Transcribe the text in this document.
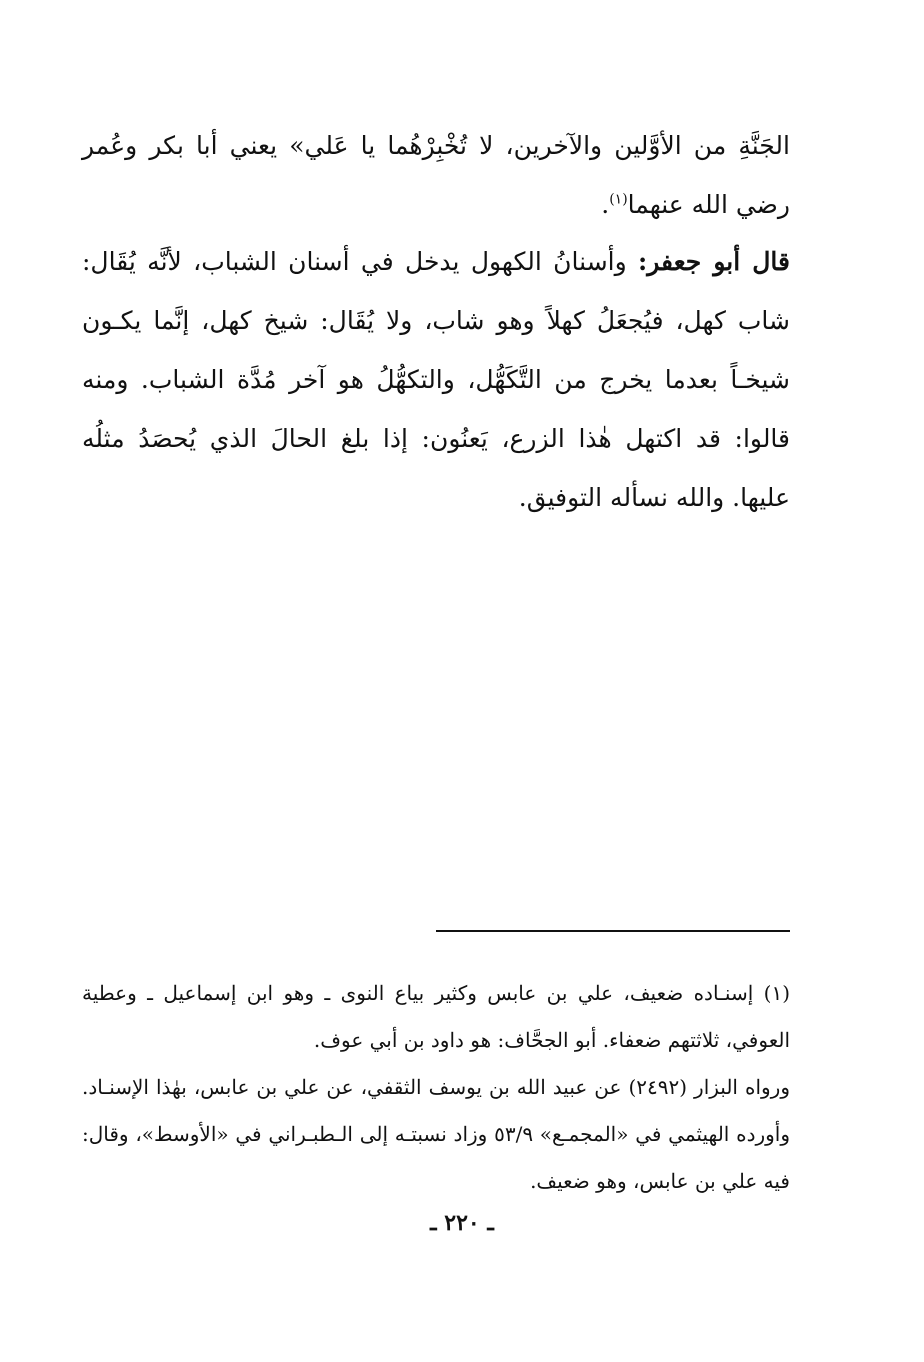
الجَنَّةِ من الأوَّلين والآخرين، لا تُخْبِرْهُما يا عَلي» يعني أبا بكر وعُمر رضي الله عنهما$^{(١)}$.
قال أبو جعفر: وأسنانُ الكهول يدخل في أسنان الشباب، لأنَّه يُقَال: شاب كهل، فيُجعَلُ كهلاً وهو شاب، ولا يُقَال: شيخ كهل، إنَّما يكـون شيخـاً بعدما يخرج من التَّكَهُّل، والتكهُّلُ هو آخر مُدَّة الشباب. ومنه قالوا: قد اكتهل هٰذا الزرع، يَعنُون: إذا بلغ الحالَ الذي يُحصَدُ مثلُه عليها. والله نسأله التوفيق.

(١) إسنـاده ضعيف، علي بن عابس وكثير بياع النوى ـ وهو ابن إسماعيل ـ وعطية العوفي، ثلاثتهم ضعفاء. أبو الجحَّاف: هو داود بن أبي عوف.

ورواه البزار (٢٤٩٢) عن عبيد الله بن يوسف الثقفي، عن علي بن عابس، بهٰذا الإسنـاد. وأورده الهيثمي في «المجمـع» ٥٣/٩ وزاد نسبتـه إلى الـطبـراني في «الأوسط»، وقال: فيه علي بن عابس، وهو ضعيف.

ـ ٢٢٠ ـ
